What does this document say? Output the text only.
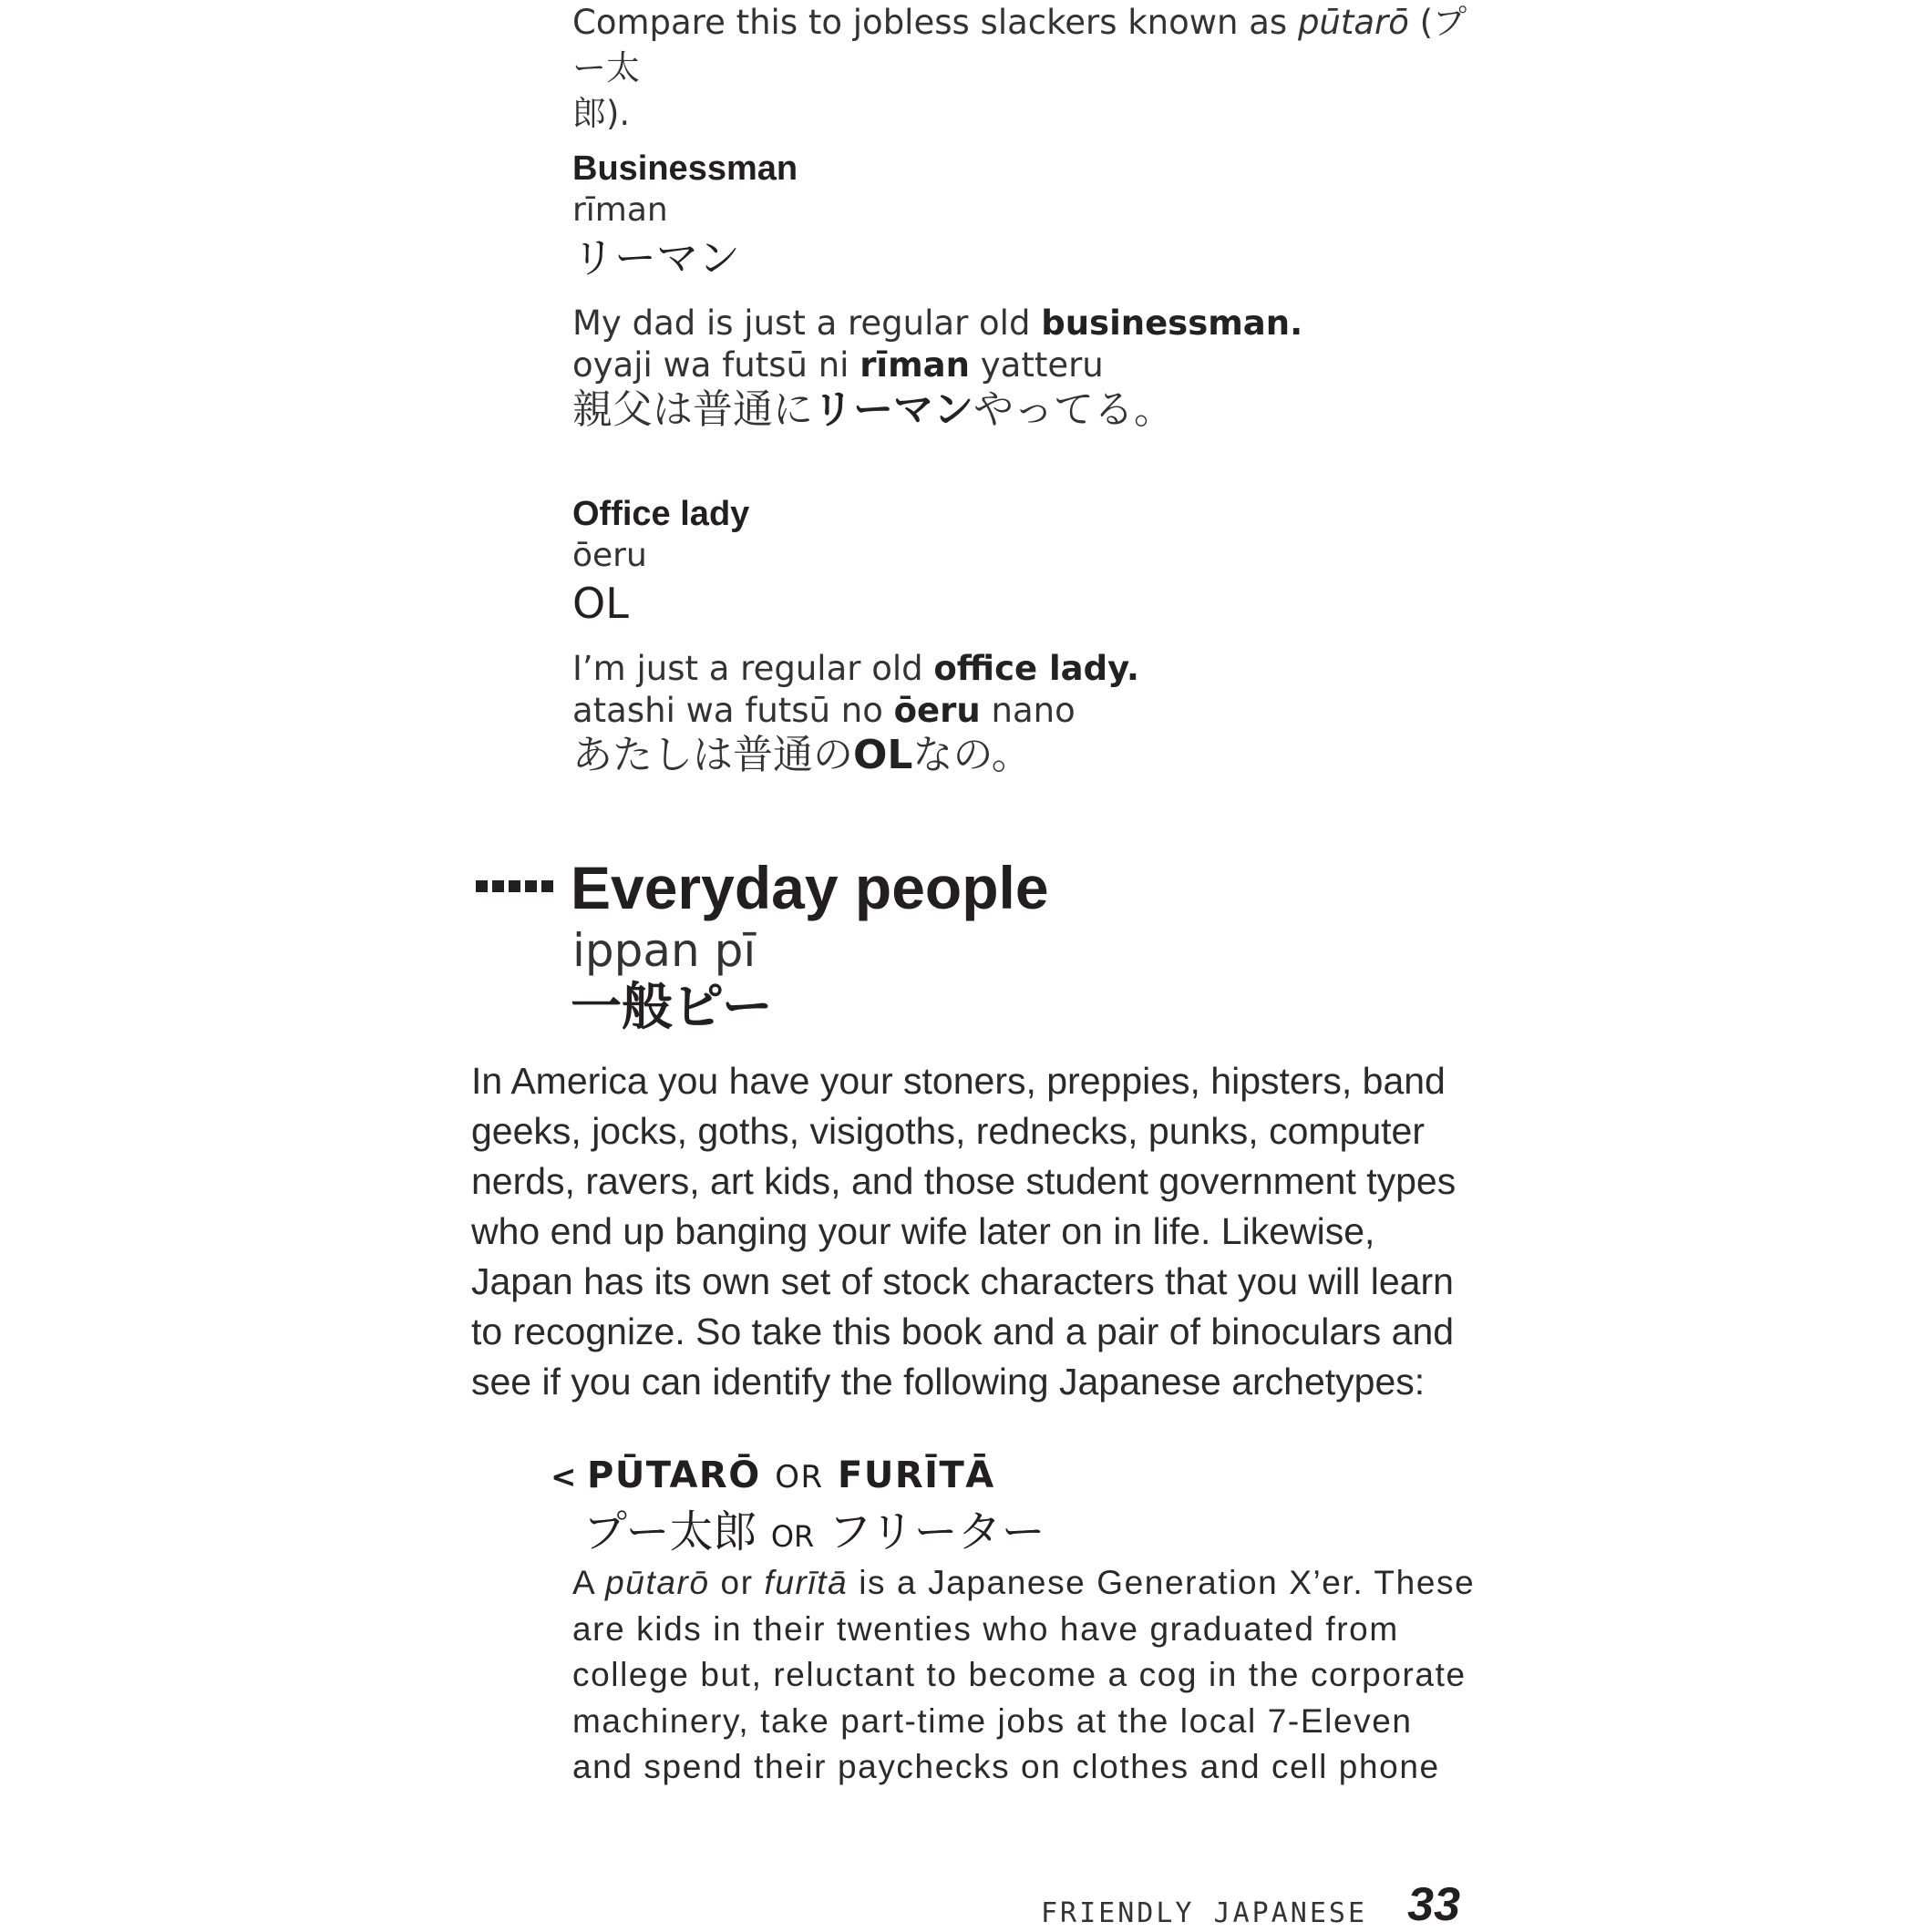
Compare this to jobless slackers known as pūtarō (プー太
郎).
Businessman
rīman
リーマン
My dad is just a regular old businessman.
oyaji wa futsū ni rīman yatteru
親父は普通にリーマンやってる。
Office lady
ōeru
OL
I’m just a regular old office lady.
atashi wa futsū no ōeru nano
あたしは普通のOLなの。
Everyday people
ippan pī
一般ピー
In America you have your stoners, preppies, hipsters, band
geeks, jocks, goths, visigoths, rednecks, punks, computer
nerds, ravers, art kids, and those student government types
who end up banging your wife later on in life. Likewise,
Japan has its own set of stock characters that you will learn
to recognize. So take this book and a pair of binoculars and
see if you can identify the following Japanese archetypes:
< PŪTARŌ OR FURĪTĀ
プー太郎 OR フリーター
A pūtarō or furītā is a Japanese Generation X’er. These
are kids in their twenties who have graduated from
college but, reluctant to become a cog in the corporate
machinery, take part-time jobs at the local 7-Eleven
and spend their paychecks on clothes and cell phone
FRIENDLY JAPANESE 33
